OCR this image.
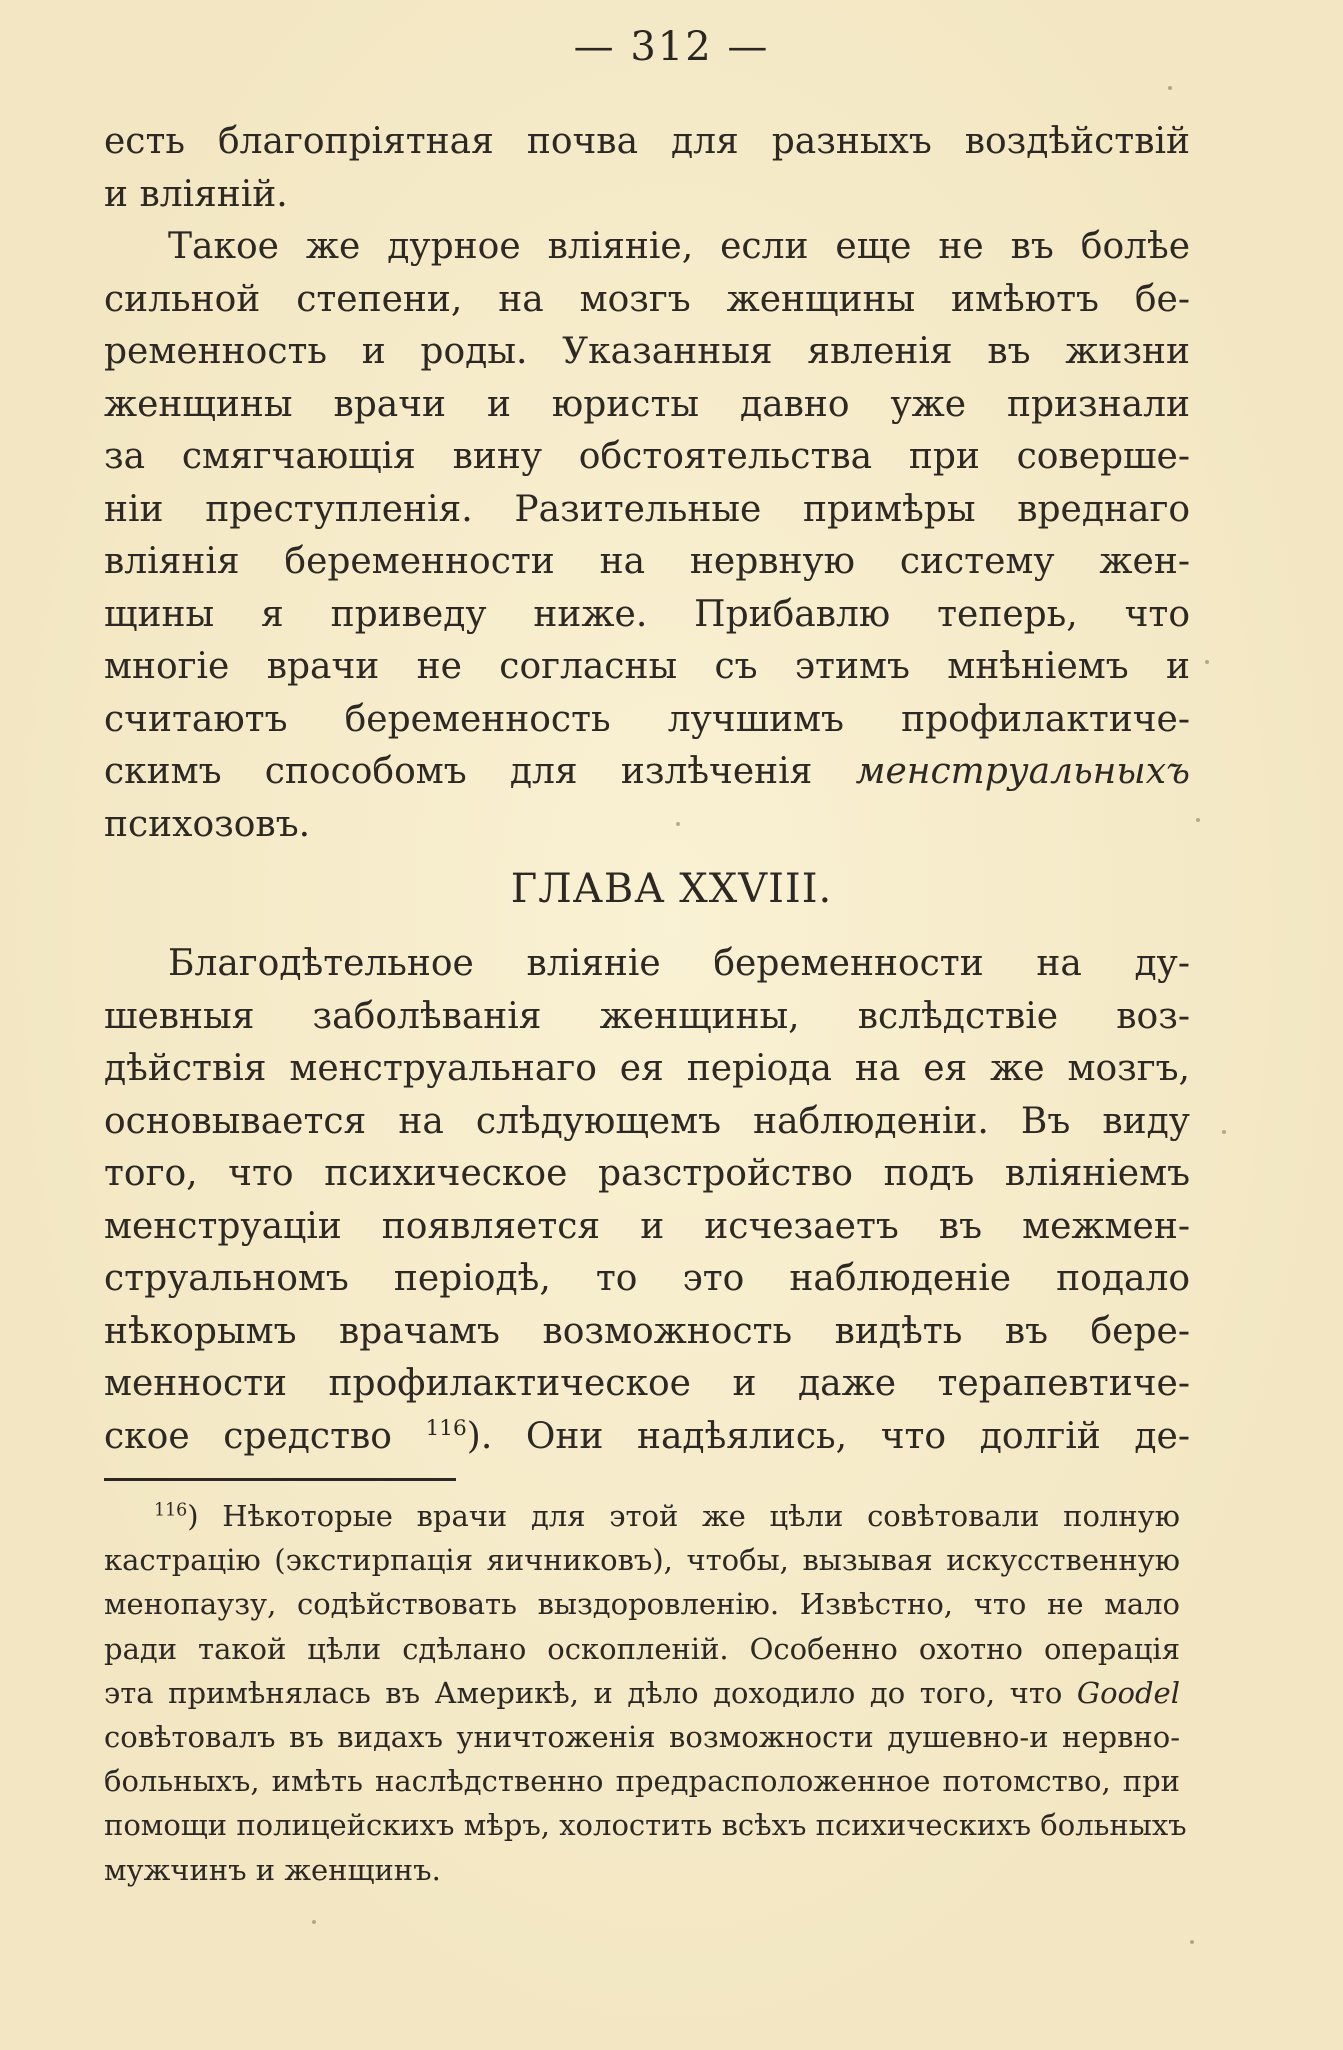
— 312 —
есть благопріятная почва для разныхъ воздѣйствій
и вліяній.
Такое же дурное вліяніе, если еще не въ болѣе
сильной степени, на мозгъ женщины имѣютъ бе-
ременность и роды. Указанныя явленія въ жизни
женщины врачи и юристы давно уже признали
за смягчающія вину обстоятельства при соверше-
ніи преступленія. Разительные примѣры вреднаго
вліянія беременности на нервную систему жен-
щины я приведу ниже. Прибавлю теперь, что
многіе врачи не согласны съ этимъ мнѣніемъ и
считаютъ беременность лучшимъ профилактиче-
скимъ способомъ для излѣченія менструальныхъ
психозовъ.
ГЛАВА XXVIII.
Благодѣтельное вліяніе беременности на ду-
шевныя заболѣванія женщины, вслѣдствіе воз-
дѣйствія менструальнаго ея періода на ея же мозгъ,
основывается на слѣдующемъ наблюденіи. Въ виду
того, что психическое разстройство подъ вліяніемъ
менструаціи появляется и исчезаетъ въ межмен-
струальномъ періодѣ, то это наблюденіе подало
нѣкорымъ врачамъ возможность видѣть въ бере-
менности профилактическое и даже терапевтиче-
ское средство $^{116}$). Они надѣялись, что долгій де-
$^{116}$) Нѣкоторые врачи для этой же цѣли совѣтовали полную
кастрацію (экстирпація яичниковъ), чтобы, вызывая искусственную
менопаузу, содѣйствовать выздоровленію. Извѣстно, что не мало
ради такой цѣли сдѣлано оскопленій. Особенно охотно операція
эта примѣнялась въ Америкѣ, и дѣло доходило до того, что Goodel
совѣтовалъ въ видахъ уничтоженія возможности душевно-и нервно-
больныхъ, имѣть наслѣдственно предрасположенное потомство, при
помощи полицейскихъ мѣръ, холостить всѣхъ психическихъ больныхъ
мужчинъ и женщинъ.
